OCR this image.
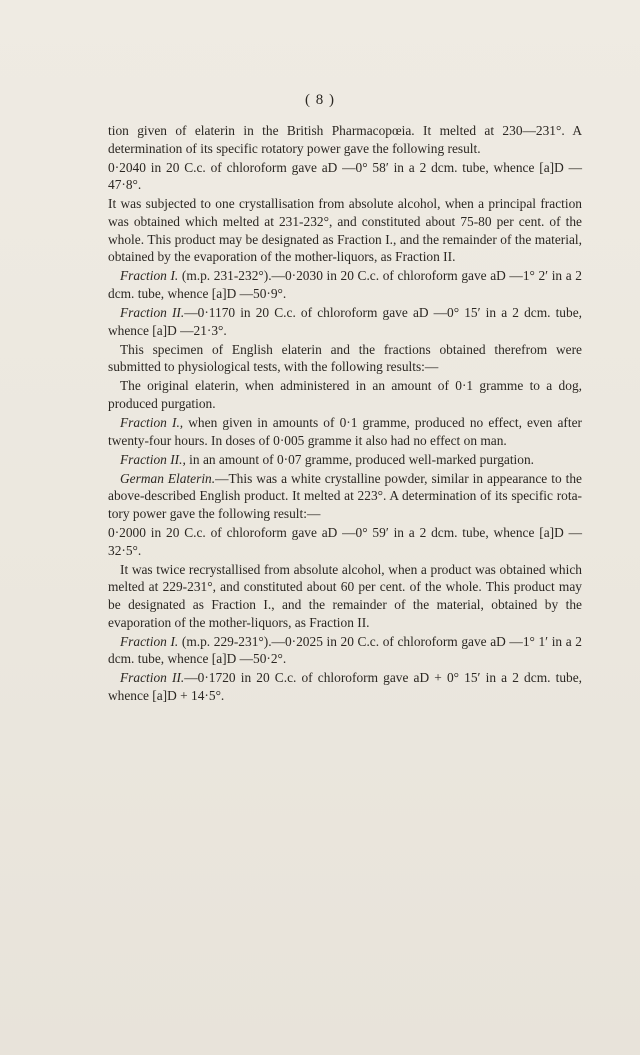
( 8 )

tion given of elaterin in the British Pharmacopœia. It melted at 230—231°. A determination of its specific rotatory power gave the following result.

0·2040 in 20 C.c. of chloroform gave aD —0° 58′ in a 2 dcm. tube, whence [a]D —47·8°.

It was subjected to one crystallisation from absolute alcohol, when a principal fraction was obtained which melted at 231-232°, and constituted about 75-80 per cent. of the whole. This product may be designated as Fraction I., and the remainder of the material, obtained by the evaporation of the mother-liquors, as Fraction II.

Fraction I. (m.p. 231-232°).—0·2030 in 20 C.c. of chloroform gave aD —1° 2′ in a 2 dcm. tube, whence [a]D —50·9°.

Fraction II.—0·1170 in 20 C.c. of chloroform gave aD —0° 15′ in a 2 dcm. tube, whence [a]D —21·3°.

This specimen of English elaterin and the fractions obtained therefrom were submitted to physiological tests, with the following results:—

The original elaterin, when administered in an amount of 0·1 gramme to a dog, produced purgation.

Fraction I., when given in amounts of 0·1 gramme, produced no effect, even after twenty-four hours. In doses of 0·005 gramme it also had no effect on man.

Fraction II., in an amount of 0·07 gramme, produced well-marked purgation.

German Elaterin.—This was a white crystalline powder, similar in appearance to the above-described English product. It melted at 223°. A determination of its specific rotatory power gave the following result:—

0·2000 in 20 C.c. of chloroform gave aD —0° 59′ in a 2 dcm. tube, whence [a]D —32·5°.

It was twice recrystallised from absolute alcohol, when a product was obtained which melted at 229-231°, and constituted about 60 per cent. of the whole. This product may be designated as Fraction I., and the remainder of the material, obtained by the evaporation of the mother-liquors, as Fraction II.

Fraction I. (m.p. 229-231°).—0·2025 in 20 C.c. of chloroform gave aD —1° 1′ in a 2 dcm. tube, whence [a]D —50·2°.

Fraction II.—0·1720 in 20 C.c. of chloroform gave aD + 0° 15′ in a 2 dcm. tube, whence [a]D + 14·5°.
